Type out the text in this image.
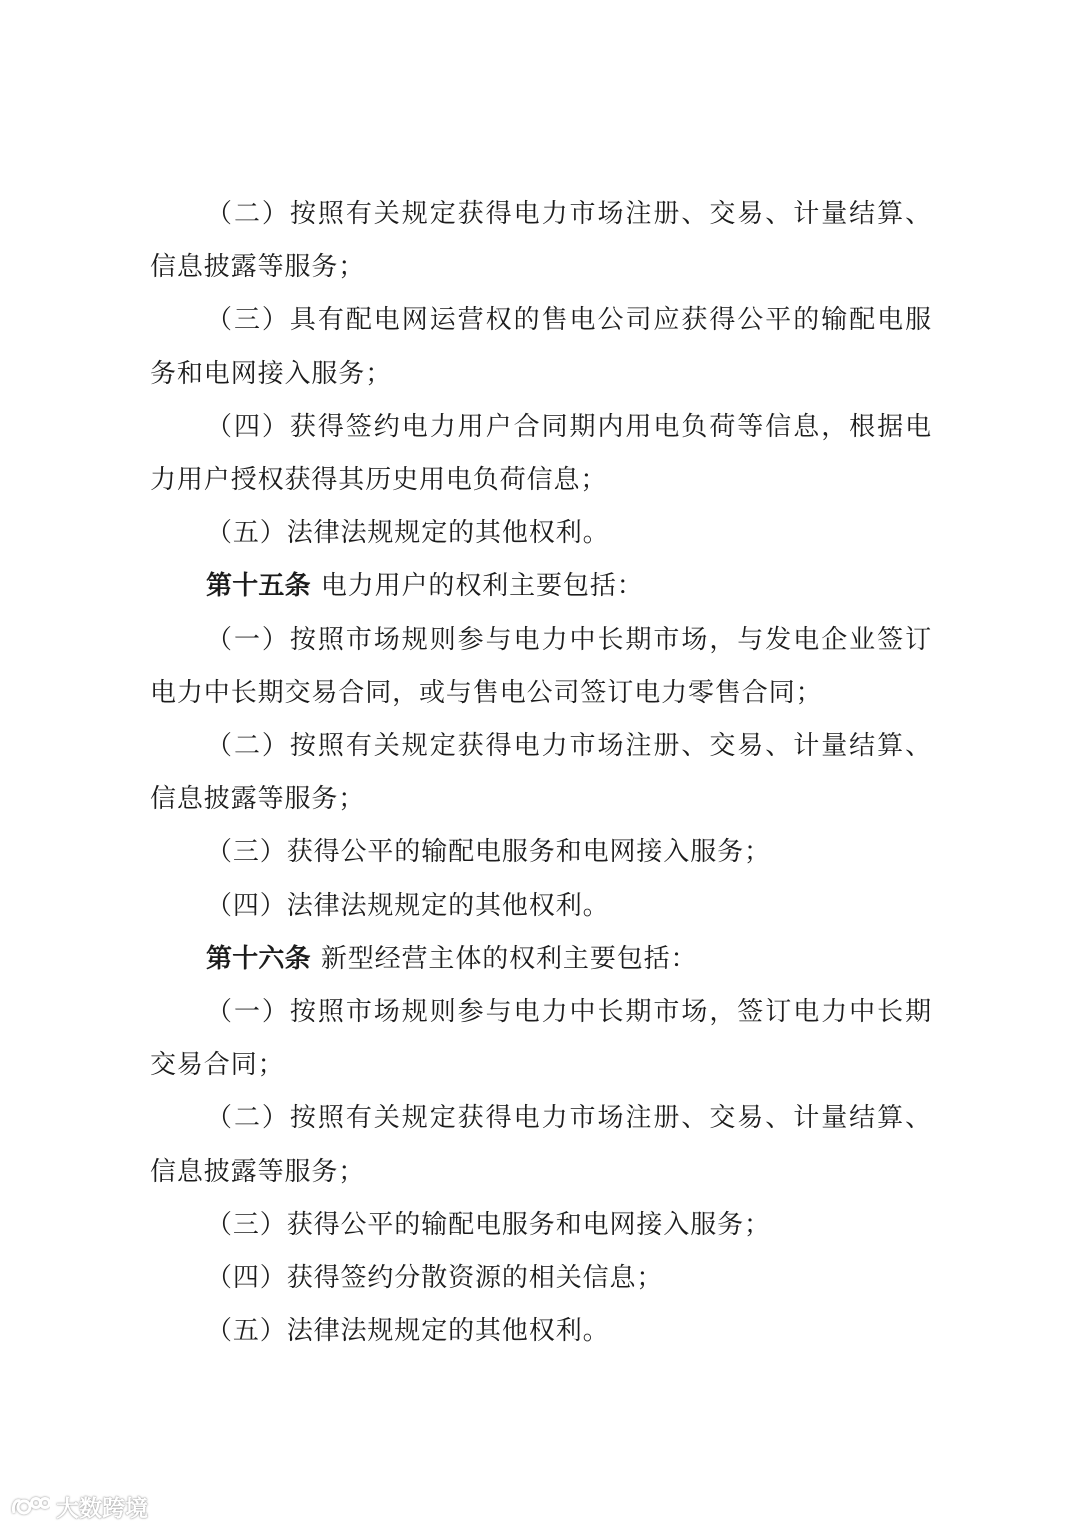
（二）按照有关规定获得电力市场注册、交易、计量结算、信息披露等服务；

（三）具有配电网运营权的售电公司应获得公平的输配电服务和电网接入服务；

（四）获得签约电力用户合同期内用电负荷等信息，根据电力用户授权获得其历史用电负荷信息；

（五）法律法规规定的其他权利。

第十五条 电力用户的权利主要包括：

（一）按照市场规则参与电力中长期市场，与发电企业签订电力中长期交易合同，或与售电公司签订电力零售合同；

（二）按照有关规定获得电力市场注册、交易、计量结算、信息披露等服务；

（三）获得公平的输配电服务和电网接入服务；

（四）法律法规规定的其他权利。

第十六条 新型经营主体的权利主要包括：

（一）按照市场规则参与电力中长期市场，签订电力中长期交易合同；

（二）按照有关规定获得电力市场注册、交易、计量结算、信息披露等服务；

（三）获得公平的输配电服务和电网接入服务；

（四）获得签约分散资源的相关信息；

（五）法律法规规定的其他权利。

大数跨境
